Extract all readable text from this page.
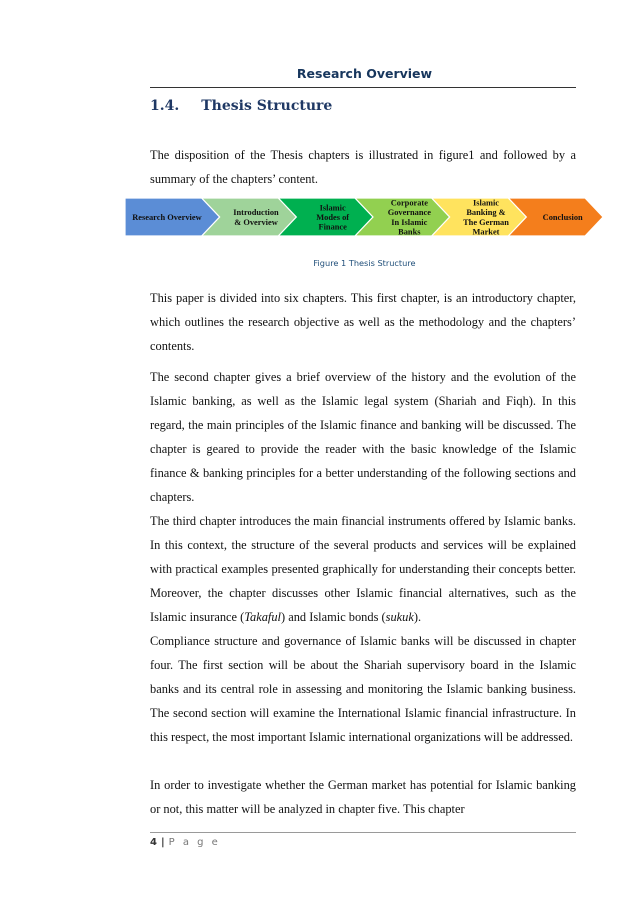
Research Overview
1.4. Thesis Structure

The disposition of the Thesis chapters is illustrated in figure1 and followed by a summary of the chapters’ content.

Research Overview
Introduction & Overview
Islamic Modes of Finance
Corporate Governance In Islamic Banks
Islamic Banking & The German Market
Conclusion
Figure 1 Thesis Structure

This paper is divided into six chapters. This first chapter, is an introductory chapter, which outlines the research objective as well as the methodology and the chapters’ contents.

The second chapter gives a brief overview of the history and the evolution of the Islamic banking, as well as the Islamic legal system (Shariah and Fiqh). In this regard, the main principles of the Islamic finance and banking will be discussed. The chapter is geared to provide the reader with the basic knowledge of the Islamic finance & banking principles for a better understanding of the following sections and chapters.

The third chapter introduces the main financial instruments offered by Islamic banks. In this context, the structure of the several products and services will be explained with practical examples presented graphically for understanding their concepts better. Moreover, the chapter discusses other Islamic financial alternatives, such as the Islamic insurance (Takaful) and Islamic bonds (sukuk).

Compliance structure and governance of Islamic banks will be discussed in chapter four. The first section will be about the Shariah supervisory board in the Islamic banks and its central role in assessing and monitoring the Islamic banking business. The second section will examine the International Islamic financial infrastructure. In this respect, the most important Islamic international organizations will be addressed.

In order to investigate whether the German market has potential for Islamic banking or not, this matter will be analyzed in chapter five. This chapter

4 | P a g e
